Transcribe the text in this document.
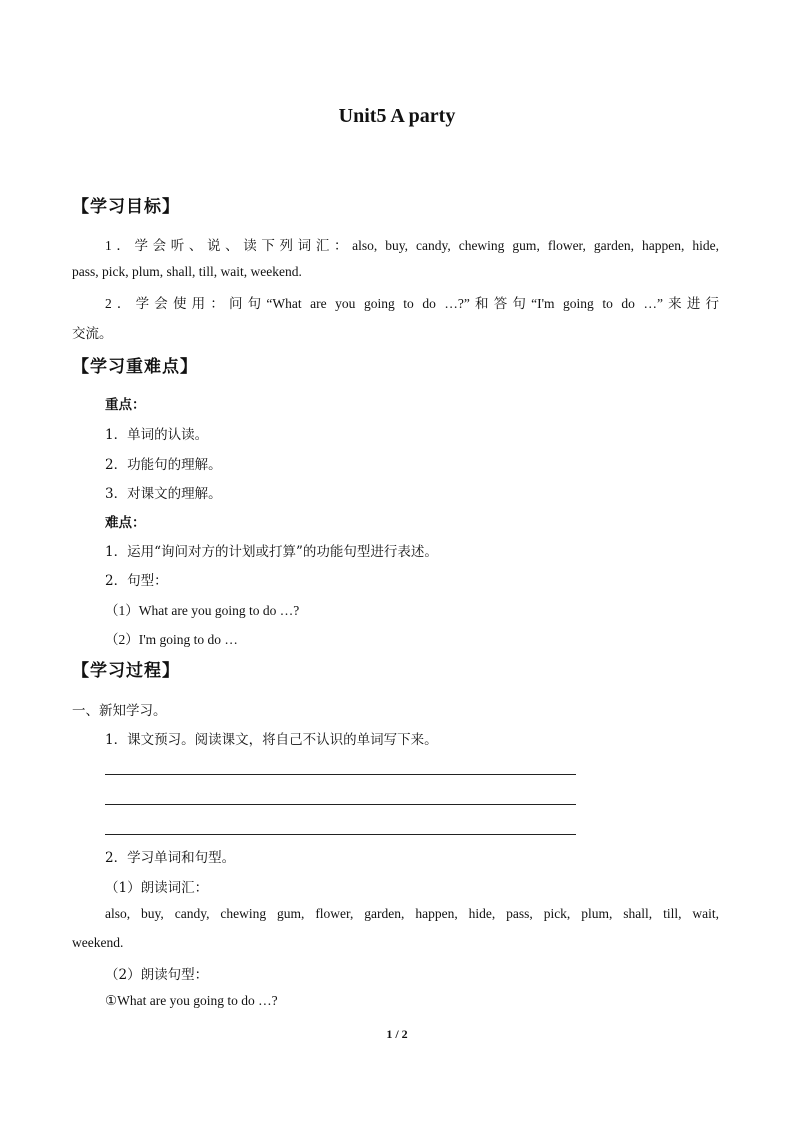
Unit5 A party
【学习目标】
1．学会听、说、读下列词汇：also, buy, candy, chewing gum, flower, garden, happen, hide,
pass, pick, plum, shall, till, wait, weekend.
2．学会使用：问句“What are you going to do …?”和答句“I'm going to do …”来进行
交流。
【学习重难点】
重点：
1．单词的认读。
2．功能句的理解。
3．对课文的理解。
难点：
1．运用“询问对方的计划或打算”的功能句型进行表述。
2．句型：
（1）What are you going to do …?
（2）I'm going to do …
【学习过程】
一、新知学习。
1．课文预习。阅读课文，将自己不认识的单词写下来。
2．学习单词和句型。
（1）朗读词汇：
also, buy, candy, chewing gum, flower, garden, happen, hide, pass, pick, plum, shall, till, wait,
weekend.
（2）朗读句型：
①What are you going to do …?
1 / 2
